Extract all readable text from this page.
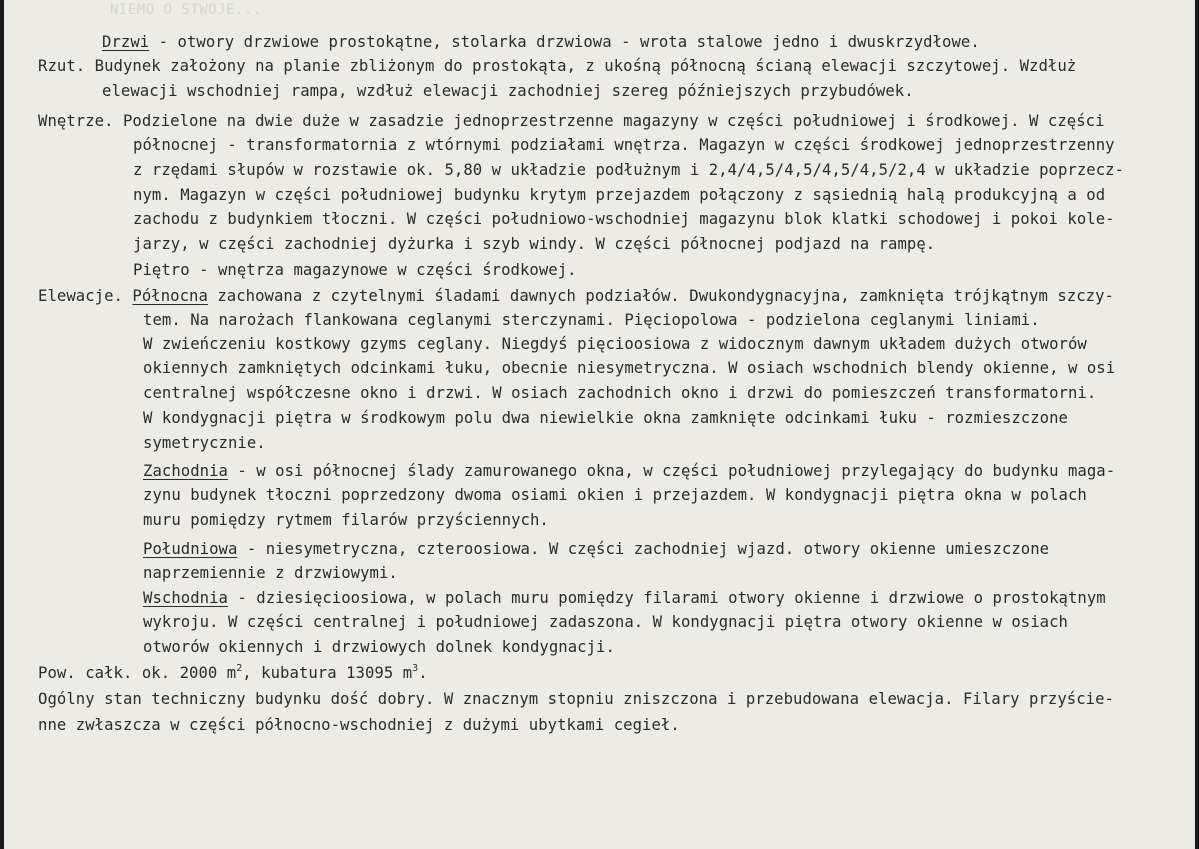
NIEMO O STWOJE...
Drzwi - otwory drzwiowe prostokątne, stolarka drzwiowa - wrota stalowe jedno i dwuskrzydłowe.
Rzut. Budynek założony na planie zbliżonym do prostokąta, z ukośną północną ścianą elewacji szczytowej. Wzdłuż
elewacji wschodniej rampa, wzdłuż elewacji zachodniej szereg późniejszych przybudówek.
Wnętrze. Podzielone na dwie duże w zasadzie jednoprzestrzenne magazyny w części południowej i środkowej. W części
północnej - transformatornia z wtórnymi podziałami wnętrza. Magazyn w części środkowej jednoprzestrzenny
z rzędami słupów w rozstawie ok. 5,80 w układzie podłużnym i 2,4/4,5/4,5/4,5/4,5/2,4 w układzie poprzecz-
nym. Magazyn w części południowej budynku krytym przejazdem połączony z sąsiednią halą produkcyjną a od
zachodu z budynkiem tłoczni. W części południowo-wschodniej magazynu blok klatki schodowej i pokoi kole-
jarzy, w części zachodniej dyżurka i szyb windy. W części północnej podjazd na rampę.
Piętro - wnętrza magazynowe w części środkowej.
Elewacje. Północna zachowana z czytelnymi śladami dawnych podziałów. Dwukondygnacyjna, zamknięta trójkątnym szczy-
tem. Na narożach flankowana ceglanymi sterczynami. Pięciopolowa - podzielona ceglanymi liniami.
W zwieńczeniu kostkowy gzyms ceglany. Niegdyś pięcioosiowa z widocznym dawnym układem dużych otworów
okiennych zamkniętych odcinkami łuku, obecnie niesymetryczna. W osiach wschodnich blendy okienne, w osi
centralnej współczesne okno i drzwi. W osiach zachodnich okno i drzwi do pomieszczeń transformatorni.
W kondygnacji piętra w środkowym polu dwa niewielkie okna zamknięte odcinkami łuku - rozmieszczone
symetrycznie.
Zachodnia - w osi północnej ślady zamurowanego okna, w części południowej przylegający do budynku maga-
zynu budynek tłoczni poprzedzony dwoma osiami okien i przejazdem. W kondygnacji piętra okna w polach
muru pomiędzy rytmem filarów przyściennych.
Południowa - niesymetryczna, czteroosiowa. W części zachodniej wjazd. otwory okienne umieszczone
naprzemiennie z drzwiowymi.
Wschodnia - dziesięcioosiowa, w polach muru pomiędzy filarami otwory okienne i drzwiowe o prostokątnym
wykroju. W części centralnej i południowej zadaszona. W kondygnacji piętra otwory okienne w osiach
otworów okiennych i drzwiowych dolnek kondygnacji.
Pow. całk. ok. 2000 $m^2$, kubatura 13095 $m^3$.
Ogólny stan techniczny budynku dość dobry. W znacznym stopniu zniszczona i przebudowana elewacja. Filary przyście-
nne zwłaszcza w części północno-wschodniej z dużymi ubytkami cegieł.
